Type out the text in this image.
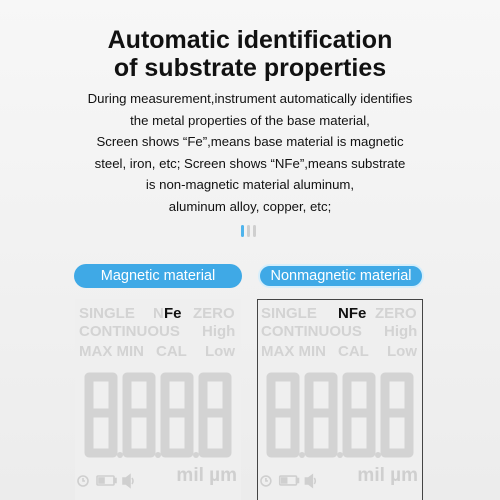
Automatic identification
of substrate properties
During measurement,instrument automatically identifies
the metal properties of the base material,
Screen shows “Fe”,means base material is magnetic
steel, iron, etc; Screen shows “NFe”,means substrate
is non-magnetic material aluminum,
aluminum alloy, copper, etc;
Magnetic material	Nonmagnetic material
SINGLE N Fe ZERO
CONTINUOUS High
MAX MIN CAL Low
mil µm
SINGLE NFe ZERO
CONTINUOUS High
MAX MIN CAL Low
mil µm
